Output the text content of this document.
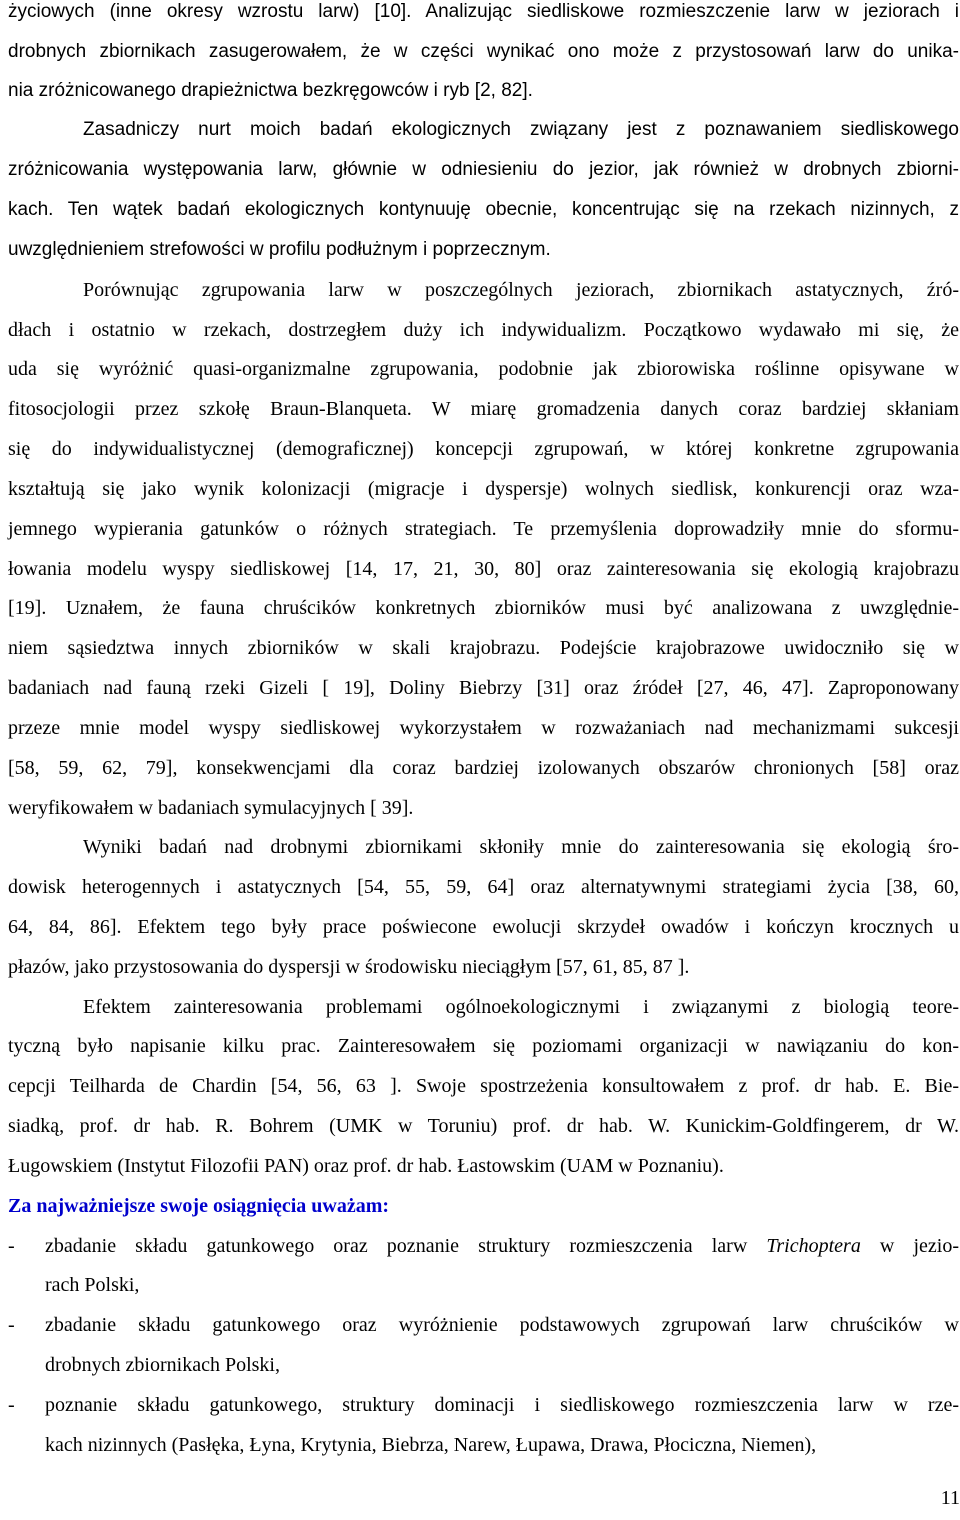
życiowych (inne okresy wzrostu larw) [10]. Analizując siedliskowe rozmieszczenie larw w jeziorach i
drobnych zbiornikach zasugerowałem, że w części wynikać ono może z przystosowań larw do unika-
nia zróżnicowanego drapieżnictwa bezkręgowców i ryb [2, 82].
Zasadniczy nurt moich badań ekologicznych związany jest z poznawaniem siedliskowego
zróżnicowania występowania larw, głównie w odniesieniu do jezior, jak również w drobnych zbiorni-
kach. Ten wątek badań ekologicznych kontynuuję obecnie, koncentrując się na rzekach nizinnych, z
uwzględnieniem strefowości w profilu podłużnym i poprzecznym.
Porównując zgrupowania larw w poszczególnych jeziorach, zbiornikach astatycznych, źró-
dłach i ostatnio w rzekach, dostrzegłem duży ich indywidualizm. Początkowo wydawało mi się, że
uda się wyróżnić quasi-organizmalne zgrupowania, podobnie jak zbiorowiska roślinne opisywane w
fitosocjologii przez szkołę Braun-Blanqueta. W miarę gromadzenia danych coraz bardziej skłaniam
się do indywidualistycznej (demograficznej) koncepcji zgrupowań, w której konkretne zgrupowania
kształtują się jako wynik kolonizacji (migracje i dyspersje) wolnych siedlisk, konkurencji oraz wza-
jemnego wypierania gatunków o różnych strategiach. Te przemyślenia doprowadziły mnie do sformu-
łowania modelu wyspy siedliskowej [14, 17, 21, 30, 80] oraz zainteresowania się ekologią krajobrazu
[19]. Uznałem, że fauna chruścików konkretnych zbiorników musi być analizowana z uwzględnie-
niem sąsiedztwa innych zbiorników w skali krajobrazu. Podejście krajobrazowe uwidoczniło się w
badaniach nad fauną rzeki Gizeli [ 19], Doliny Biebrzy [31] oraz źródeł [27, 46, 47]. Zaproponowany
przeze mnie model wyspy siedliskowej wykorzystałem w rozważaniach nad mechanizmami sukcesji
[58, 59, 62, 79], konsekwencjami dla coraz bardziej izolowanych obszarów chronionych [58] oraz
weryfikowałem w badaniach symulacyjnych [ 39].
Wyniki badań nad drobnymi zbiornikami skłoniły mnie do zainteresowania się ekologią śro-
dowisk heterogennych i astatycznych [54, 55, 59, 64] oraz alternatywnymi strategiami życia [38, 60,
64, 84, 86]. Efektem tego były prace poświecone ewolucji skrzydeł owadów i kończyn krocznych u
płazów, jako przystosowania do dyspersji w środowisku nieciągłym [57, 61, 85, 87 ].
Efektem zainteresowania problemami ogólnoekologicznymi i związanymi z biologią teore-
tyczną było napisanie kilku prac. Zainteresowałem się poziomami organizacji w nawiązaniu do kon-
cepcji Teilharda de Chardin [54, 56, 63 ]. Swoje spostrzeżenia konsultowałem z prof. dr hab. E. Bie-
siadką, prof. dr hab. R. Bohrem (UMK w Toruniu) prof. dr hab. W. Kunickim-Goldfingerem, dr W.
Ługowskiem (Instytut Filozofii PAN) oraz prof. dr hab. Łastowskim (UAM w Poznaniu).
Za najważniejsze swoje osiągnięcia uważam:
-	zbadanie składu gatunkowego oraz poznanie struktury rozmieszczenia larw Trichoptera w jezio-
rach Polski,
-	zbadanie składu gatunkowego oraz wyróżnienie podstawowych zgrupowań larw chruścików w
drobnych zbiornikach Polski,
-	poznanie składu gatunkowego, struktury dominacji i siedliskowego rozmieszczenia larw w rze-
kach nizinnych (Pasłęka, Łyna, Krytynia, Biebrza, Narew, Łupawa, Drawa, Płociczna, Niemen),
11
